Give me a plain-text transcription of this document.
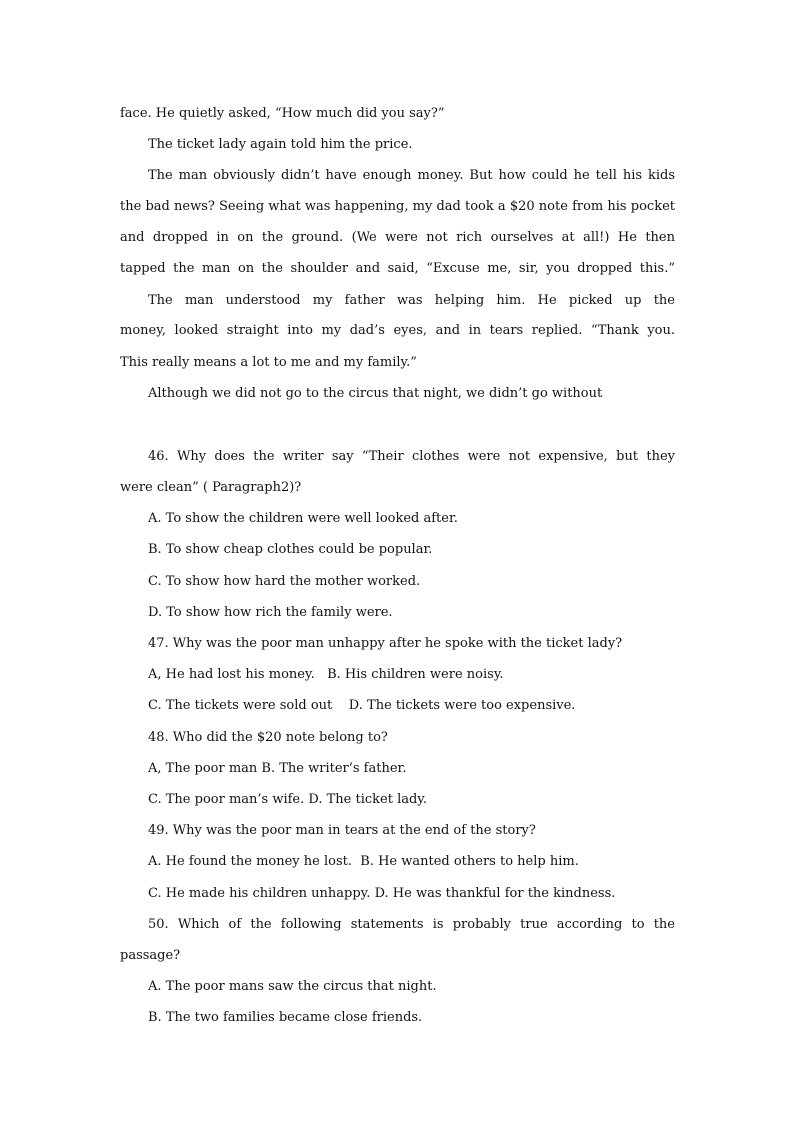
face. He quietly asked, “How much did you say?”
The ticket lady again told him the price.
The man obviously didn’t have enough money. But how could he tell his kids
the bad news? Seeing what was happening, my dad took a $20 note from his pocket
and dropped in on the ground. (We were not rich ourselves at all!) He then
tapped the man on the shoulder and said, “Excuse me, sir, you dropped this.”
The man understood my father was helping him. He picked up the
money, looked straight into my dad’s eyes, and in tears replied. “Thank you.
This really means a lot to me and my family.”
Although we did not go to the circus that night, we didn’t go without
46. Why does the writer say “Their clothes were not expensive, but they
were clean” ( Paragraph2)?
A. To show the children were well looked after.
B. To show cheap clothes could be popular.
C. To show how hard the mother worked.
D. To show how rich the family were.
47. Why was the poor man unhappy after he spoke with the ticket lady?
A, He had lost his money.   B. His children were noisy.
C. The tickets were sold out    D. The tickets were too expensive.
48. Who did the $20 note belong to?
A, The poor man B. The writer’s father.
C. The poor man’s wife. D. The ticket lady.
49. Why was the poor man in tears at the end of the story?
A. He found the money he lost.  B. He wanted others to help him.
C. He made his children unhappy. D. He was thankful for the kindness.
50. Which of the following statements is probably true according to the
passage?
A. The poor mans saw the circus that night.
B. The two families became close friends.
